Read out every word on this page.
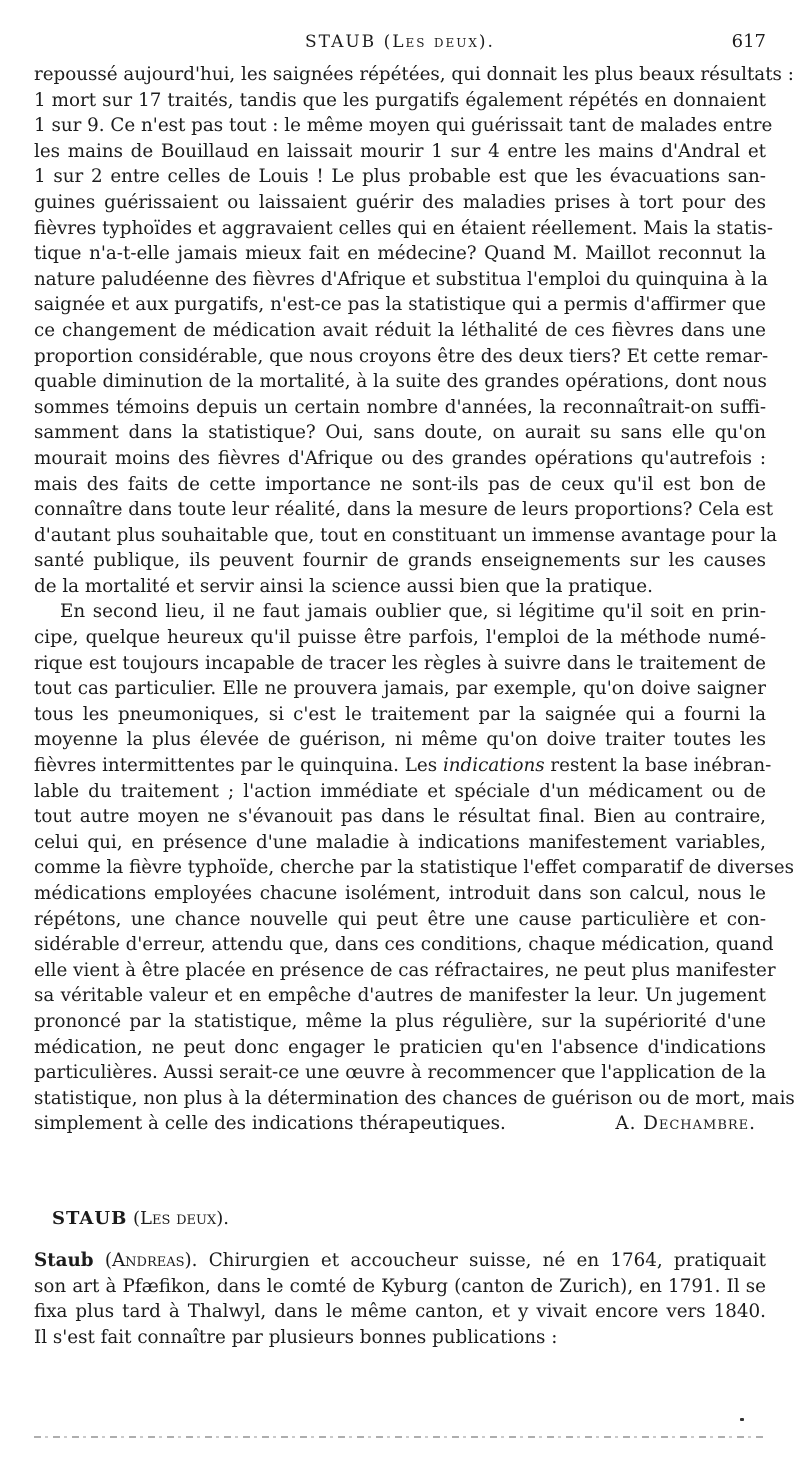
STAUB (Les deux).	617
repoussé aujourd'hui, les saignées répétées, qui donnait les plus beaux résultats :
1 mort sur 17 traités, tandis que les purgatifs également répétés en donnaient
1 sur 9. Ce n'est pas tout : le même moyen qui guérissait tant de malades entre
les mains de Bouillaud en laissait mourir 1 sur 4 entre les mains d'Andral et
1 sur 2 entre celles de Louis ! Le plus probable est que les évacuations san-
guines guérissaient ou laissaient guérir des maladies prises à tort pour des
fièvres typhoïdes et aggravaient celles qui en étaient réellement. Mais la statis-
tique n'a-t-elle jamais mieux fait en médecine? Quand M. Maillot reconnut la
nature paludéenne des fièvres d'Afrique et substitua l'emploi du quinquina à la
saignée et aux purgatifs, n'est-ce pas la statistique qui a permis d'affirmer que
ce changement de médication avait réduit la léthalité de ces fièvres dans une
proportion considérable, que nous croyons être des deux tiers? Et cette remar-
quable diminution de la mortalité, à la suite des grandes opérations, dont nous
sommes témoins depuis un certain nombre d'années, la reconnaîtrait-on suffi-
samment dans la statistique? Oui, sans doute, on aurait su sans elle qu'on
mourait moins des fièvres d'Afrique ou des grandes opérations qu'autrefois :
mais des faits de cette importance ne sont-ils pas de ceux qu'il est bon de
connaître dans toute leur réalité, dans la mesure de leurs proportions? Cela est
d'autant plus souhaitable que, tout en constituant un immense avantage pour la
santé publique, ils peuvent fournir de grands enseignements sur les causes
de la mortalité et servir ainsi la science aussi bien que la pratique.
En second lieu, il ne faut jamais oublier que, si légitime qu'il soit en prin-
cipe, quelque heureux qu'il puisse être parfois, l'emploi de la méthode numé-
rique est toujours incapable de tracer les règles à suivre dans le traitement de
tout cas particulier. Elle ne prouvera jamais, par exemple, qu'on doive saigner
tous les pneumoniques, si c'est le traitement par la saignée qui a fourni la
moyenne la plus élevée de guérison, ni même qu'on doive traiter toutes les
fièvres intermittentes par le quinquina. Les indications restent la base inébran-
lable du traitement ; l'action immédiate et spéciale d'un médicament ou de
tout autre moyen ne s'évanouit pas dans le résultat final. Bien au contraire,
celui qui, en présence d'une maladie à indications manifestement variables,
comme la fièvre typhoïde, cherche par la statistique l'effet comparatif de diverses
médications employées chacune isolément, introduit dans son calcul, nous le
répétons, une chance nouvelle qui peut être une cause particulière et con-
sidérable d'erreur, attendu que, dans ces conditions, chaque médication, quand
elle vient à être placée en présence de cas réfractaires, ne peut plus manifester
sa véritable valeur et en empêche d'autres de manifester la leur. Un jugement
prononcé par la statistique, même la plus régulière, sur la supériorité d'une
médication, ne peut donc engager le praticien qu'en l'absence d'indications
particulières. Aussi serait-ce une œuvre à recommencer que l'application de la
statistique, non plus à la détermination des chances de guérison ou de mort, mais
simplement à celle des indications thérapeutiques.	A. Dechambre.
STAUB (Les deux).
Staub (Andreas). Chirurgien et accoucheur suisse, né en 1764, pratiquait
son art à Pfæfikon, dans le comté de Kyburg (canton de Zurich), en 1791. Il se
fixa plus tard à Thalwyl, dans le même canton, et y vivait encore vers 1840.
Il s'est fait connaître par plusieurs bonnes publications :
